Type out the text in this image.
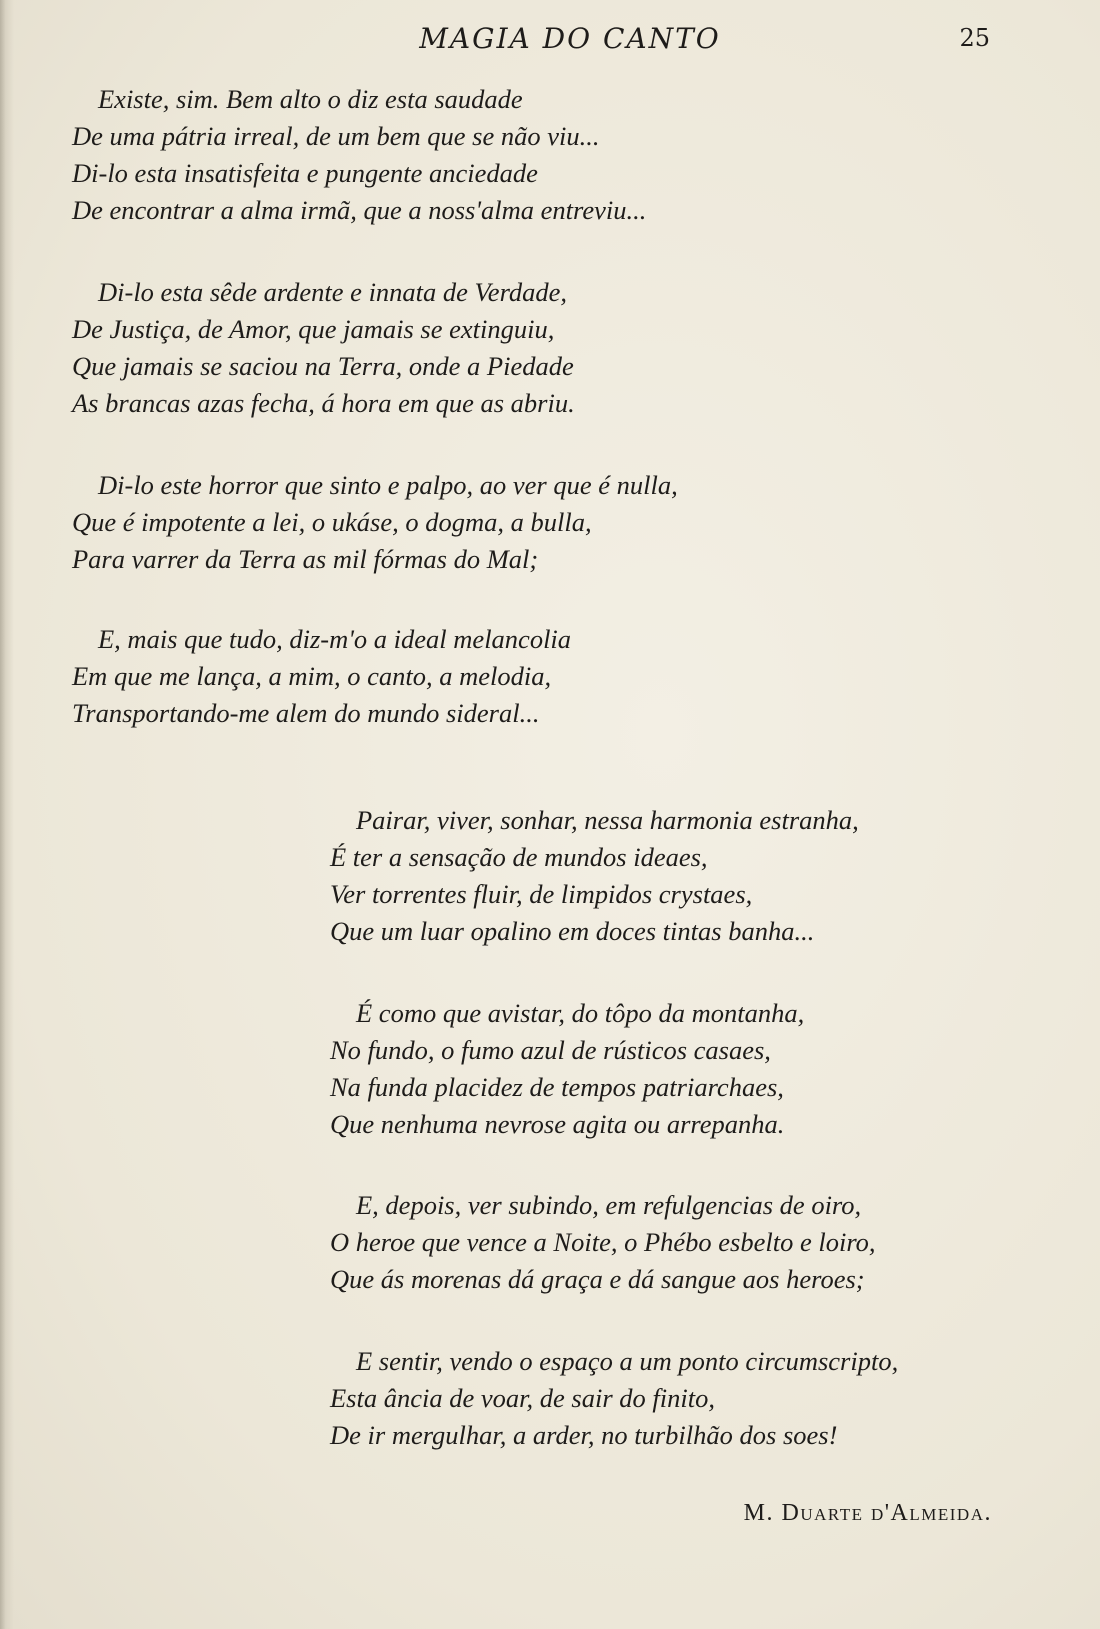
MAGIA DO CANTO	25
Existe, sim. Bem alto o diz esta saudade
De uma pátria irreal, de um bem que se não viu...
Di-lo esta insatisfeita e pungente anciedade
De encontrar a alma irmã, que a noss'alma entreviu...
Di-lo esta sêde ardente e innata de Verdade,
De Justiça, de Amor, que jamais se extinguiu,
Que jamais se saciou na Terra, onde a Piedade
As brancas azas fecha, á hora em que as abriu.
Di-lo este horror que sinto e palpo, ao ver que é nulla,
Que é impotente a lei, o ukáse, o dogma, a bulla,
Para varrer da Terra as mil fórmas do Mal;
E, mais que tudo, diz-m'o a ideal melancolia
Em que me lança, a mim, o canto, a melodia,
Transportando-me alem do mundo sideral...
Pairar, viver, sonhar, nessa harmonia estranha,
É ter a sensação de mundos ideaes,
Ver torrentes fluir, de limpidos crystaes,
Que um luar opalino em doces tintas banha...
É como que avistar, do tôpo da montanha,
No fundo, o fumo azul de rústicos casaes,
Na funda placidez de tempos patriarchaes,
Que nenhuma nevrose agita ou arrepanha.
E, depois, ver subindo, em refulgencias de oiro,
O heroe que vence a Noite, o Phébo esbelto e loiro,
Que ás morenas dá graça e dá sangue aos heroes;
E sentir, vendo o espaço a um ponto circumscripto,
Esta ância de voar, de sair do finito,
De ir mergulhar, a arder, no turbilhão dos soes!
M. Duarte d'Almeida.
